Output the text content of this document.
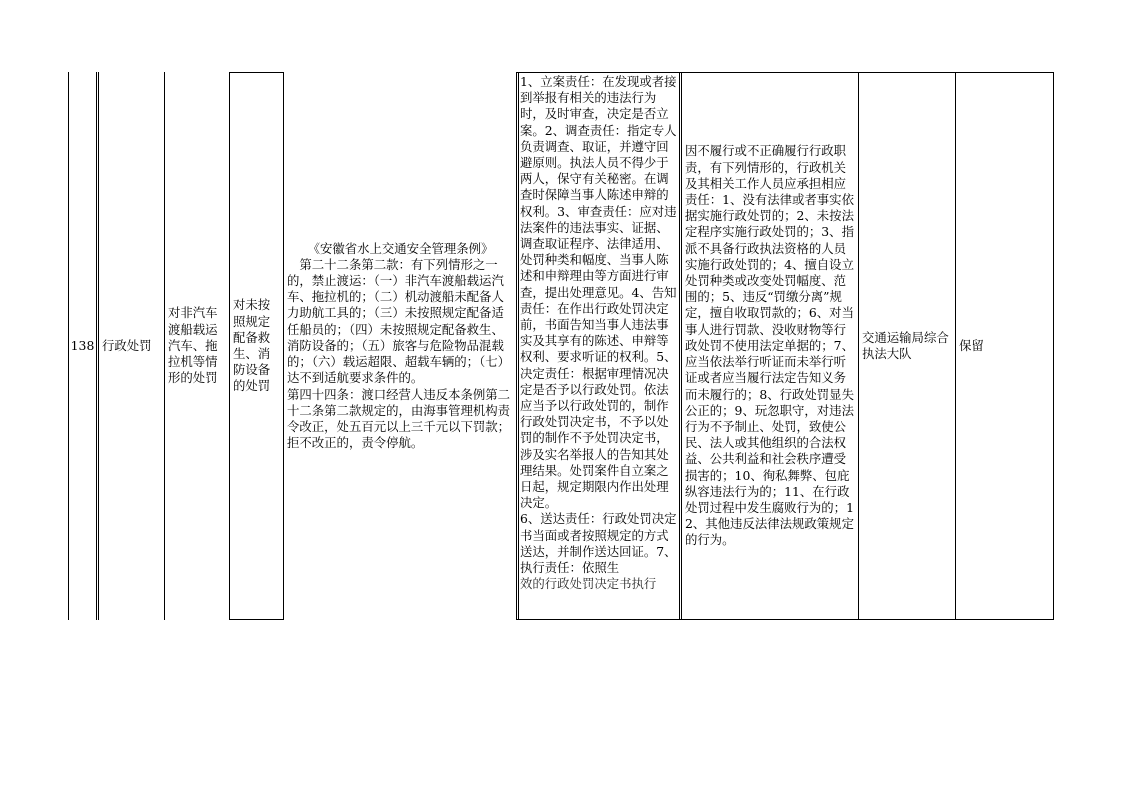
138 行政处罚
对非汽车渡船载运汽车、拖拉机等情形的处罚
对未按照规定配备救生、消防设备的处罚
《安徽省水上交通安全管理条例》
第二十二条第二款：有下列情形之一的，禁止渡运：（一）非汽车渡船载运汽车、拖拉机的；（二）机动渡船未配备人力助航工具的；（三）未按照规定配备适任船员的；（四）未按照规定配备救生、消防设备的；（五）旅客与危险物品混载的；（六）载运超限、超载车辆的；（七）达不到适航要求条件的。
第四十四条：渡口经营人违反本条例第二十二条第二款规定的，由海事管理机构责令改正，处五百元以上三千元以下罚款；拒不改正的，责令停航。
1、立案责任：在发现或者接到举报有相关的违法行为时，及时审查，决定是否立案。2、调查责任：指定专人负责调查、取证，并遵守回避原则。执法人员不得少于两人，保守有关秘密。在调查时保障当事人陈述申辩的权利。3、审查责任：应对违法案件的违法事实、证据、调查取证程序、法律适用、处罚种类和幅度、当事人陈述和申辩理由等方面进行审查，提出处理意见。4、告知责任：在作出行政处罚决定前，书面告知当事人违法事实及其享有的陈述、申辩等权利、要求听证的权利。5、决定责任：根据审理情况决定是否予以行政处罚。依法应当予以行政处罚的，制作行政处罚决定书，不予以处罚的制作不予处罚决定书，涉及实名举报人的告知其处理结果。处罚案件自立案之日起，规定期限内作出处理决定。
6、送达责任：行政处罚决定书当面或者按照规定的方式送达，并制作送达回证。7、执行责任：依照生
效的行政处罚决定书执行
因不履行或不正确履行行政职责，有下列情形的，行政机关及其相关工作人员应承担相应责任：1、没有法律或者事实依据实施行政处罚的；2、未按法定程序实施行政处罚的；3、指派不具备行政执法资格的人员实施行政处罚的；4、擅自设立处罚种类或改变处罚幅度、范围的；5、违反“罚缴分离”规定，擅自收取罚款的；6、对当事人进行罚款、没收财物等行政处罚不使用法定单据的；7、应当依法举行听证而未举行听证或者应当履行法定告知义务而未履行的；8、行政处罚显失公正的；9、玩忽职守，对违法行为不予制止、处罚，致使公民、法人或其他组织的合法权益、公共利益和社会秩序遭受损害的；10、徇私舞弊、包庇纵容违法行为的；11、在行政处罚过程中发生腐败行为的；12、其他违反法律法规政策规定的行为。
交通运输局综合执法大队
保留
